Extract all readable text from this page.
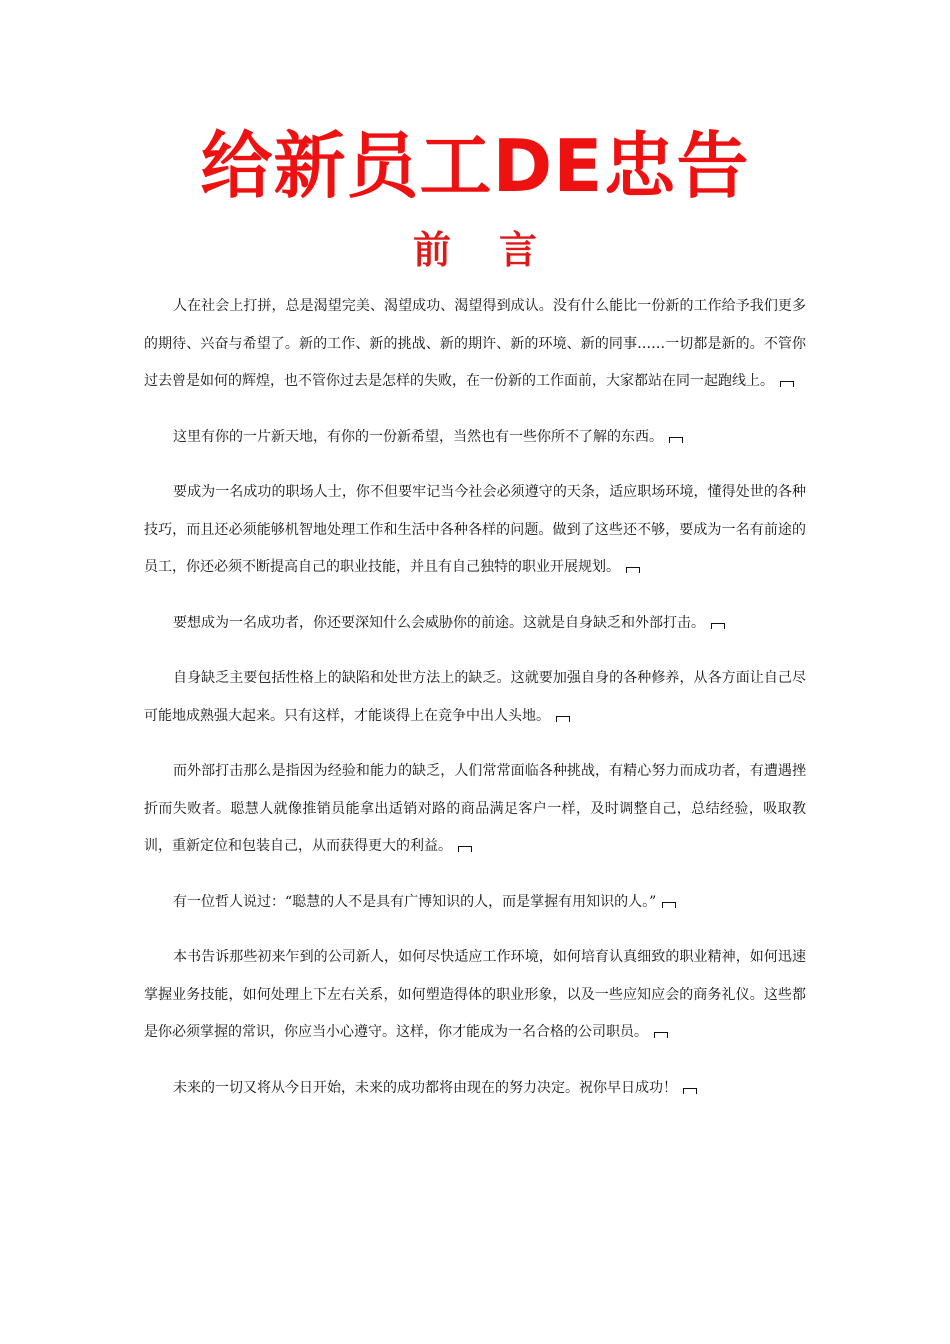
给新员工DE忠告
前 言

人在社会上打拼，总是渴望完美、渴望成功、渴望得到成认。没有什么能比一份新的工作给予我们更多的期待、兴奋与希望了。新的工作、新的挑战、新的期许、新的环境、新的同事……一切都是新的。不管你过去曾是如何的辉煌，也不管你过去是怎样的失败，在一份新的工作面前，大家都站在同一起跑线上。

这里有你的一片新天地，有你的一份新希望，当然也有一些你所不了解的东西。

要成为一名成功的职场人士，你不但要牢记当今社会必须遵守的天条，适应职场环境，懂得处世的各种技巧，而且还必须能够机智地处理工作和生活中各种各样的问题。做到了这些还不够，要成为一名有前途的员工，你还必须不断提高自己的职业技能，并且有自己独特的职业开展规划。

要想成为一名成功者，你还要深知什么会威胁你的前途。这就是自身缺乏和外部打击。

自身缺乏主要包括性格上的缺陷和处世方法上的缺乏。这就要加强自身的各种修养，从各方面让自己尽可能地成熟强大起来。只有这样，才能谈得上在竞争中出人头地。

而外部打击那么是指因为经验和能力的缺乏，人们常常面临各种挑战，有精心努力而成功者，有遭遇挫折而失败者。聪慧人就像推销员能拿出适销对路的商品满足客户一样，及时调整自己，总结经验，吸取教训，重新定位和包装自己，从而获得更大的利益。

有一位哲人说过：“聪慧的人不是具有广博知识的人，而是掌握有用知识的人。”

本书告诉那些初来乍到的公司新人，如何尽快适应工作环境，如何培育认真细致的职业精神，如何迅速掌握业务技能，如何处理上下左右关系，如何塑造得体的职业形象，以及一些应知应会的商务礼仪。这些都是你必须掌握的常识，你应当小心遵守。这样，你才能成为一名合格的公司职员。

未来的一切又将从今日开始，未来的成功都将由现在的努力决定。祝你早日成功！
